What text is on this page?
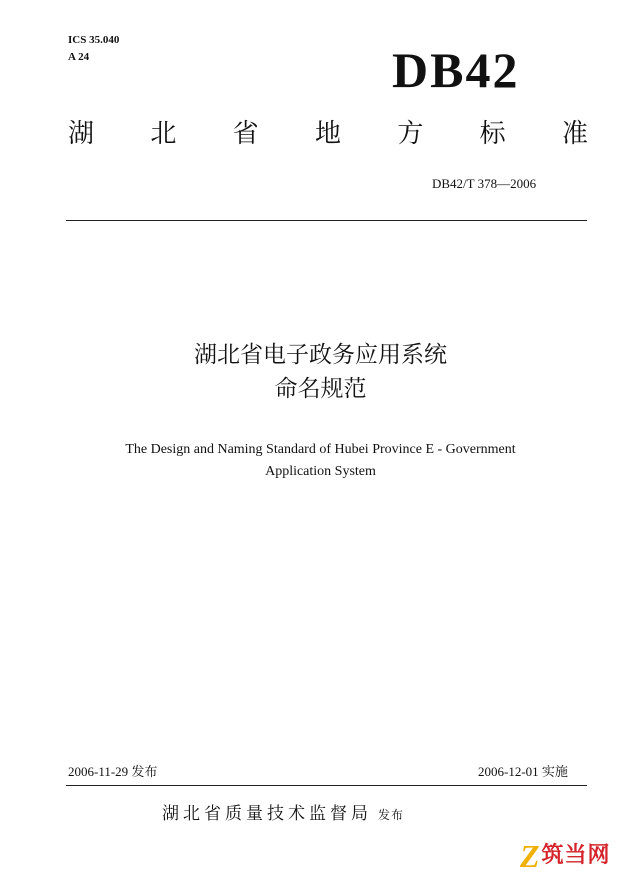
ICS 35.040
A 24	DB42
湖 北 省 地 方 标 准
DB42/T 378—2006
湖北省电子政务应用系统
命名规范
The Design and Naming Standard of Hubei Province E - Government
Application System
2006-11-29 发布	2006-12-01 实施
湖北省质量技术监督局 发布
Z 筑当网
